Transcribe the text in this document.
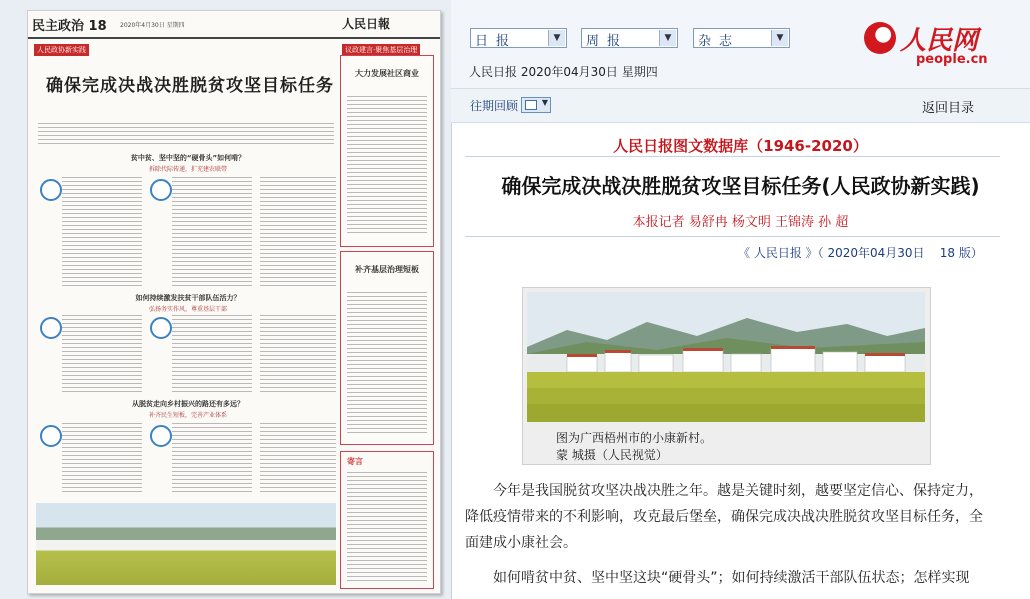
民主政治 18 2020年4月30日 星期四	人民日報
人民政协新实践	议政建言·聚焦基层治理
确保完成决战决胜脱贫攻坚目标任务
贫中贫、坚中坚的“硬骨头”如何啃？
拆除代际传递，扩充建农联带
如何持续激发扶贫干部队伍活力？
弘扬务实作风，尊重基层干部
从脱贫走向乡村振兴的路还有多远？
补齐民生短板，完善产业体系
大力发展社区商业
补齐基层治理短板
寄言
日报	▼	周报	▼	杂志	▼
人民日报 2020年04月30日 星期四
人民网
people.cn
往期回顾	▼	返回目录
人民日报图文数据库（1946-2020）
确保完成决战决胜脱贫攻坚目标任务(人民政协新实践)
本报记者 易舒冉 杨文明 王锦涛 孙 超
《 人民日报 》（ 2020年04月30日    18 版）
图为广西梧州市的小康新村。
蒙 城摄（人民视觉）
今年是我国脱贫攻坚决战决胜之年。越是关键时刻，越要坚定信心、保持定力，降低疫情带来的不利影响，攻克最后堡垒，确保完成决战决胜脱贫攻坚目标任务，全面建成小康社会。
如何啃贫中贫、坚中坚这块“硬骨头”；如何持续激活干部队伍状态；怎样实现
